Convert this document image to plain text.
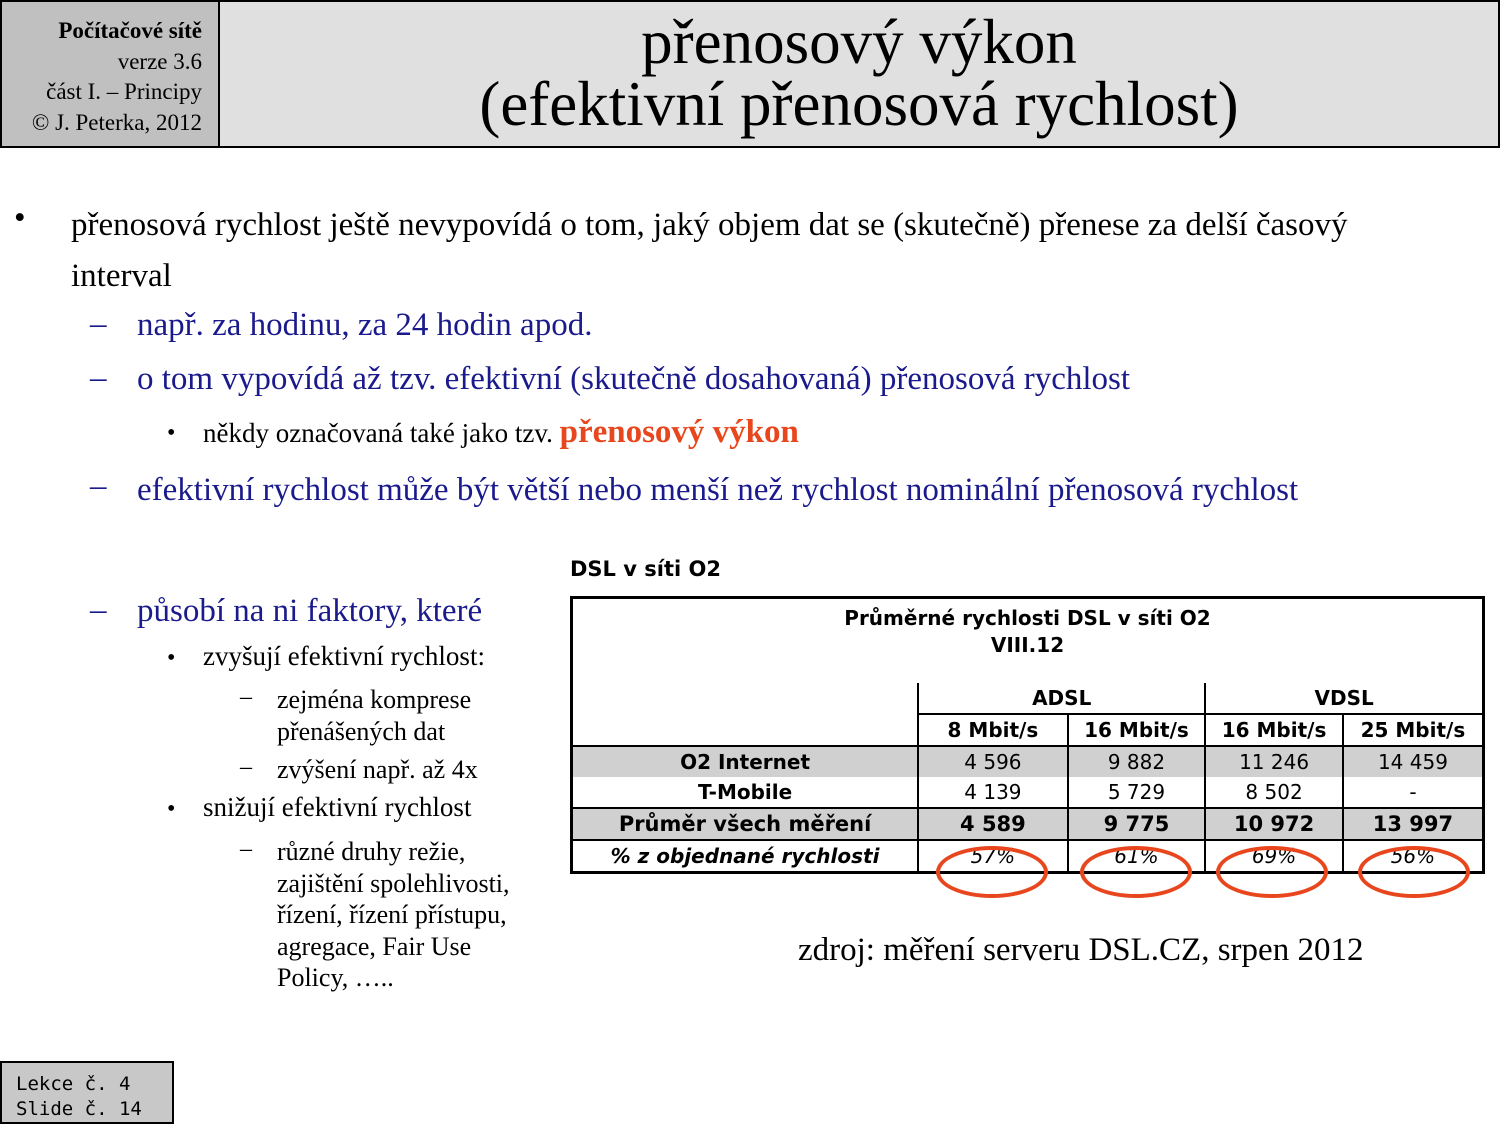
Počítačové sítě
verze 3.6
část I. – Principy
© J. Peterka, 2012
přenosový výkon
(efektivní přenosová rychlost)
• přenosová rychlost ještě nevypovídá o tom, jaký objem dat se (skutečně) přenese za delší časový interval
– např. za hodinu, za 24 hodin apod.
– o tom vypovídá až tzv. efektivní (skutečně dosahovaná) přenosová rychlost
• někdy označovaná také jako tzv. přenosový výkon
– efektivní rychlost může být větší nebo menší než rychlost nominální přenosová rychlost
– působí na ni faktory, které
• zvyšují efektivní rychlost:
– zejména komprese přenášených dat
– zvýšení např. až 4x
• snižují efektivní rychlost
– různé druhy režie, zajištění spolehlivosti, řízení, řízení přístupu, agregace, Fair Use Policy, …..
DSL v síti O2
Průměrné rychlosti DSL v síti O2				
VIII.12				
	ADSL		VDSL	
	8 Mbit/s	16 Mbit/s	16 Mbit/s	25 Mbit/s
O2 Internet	4 596	9 882	11 246	14 459
T-Mobile	4 139	5 729	8 502	-
Průměr všech měření	4 589	9 775	10 972	13 997
% z objednané rychlosti	57%	61%	69%	56%
zdroj: měření serveru DSL.CZ, srpen 2012
Lekce č. 4
Slide č. 14
